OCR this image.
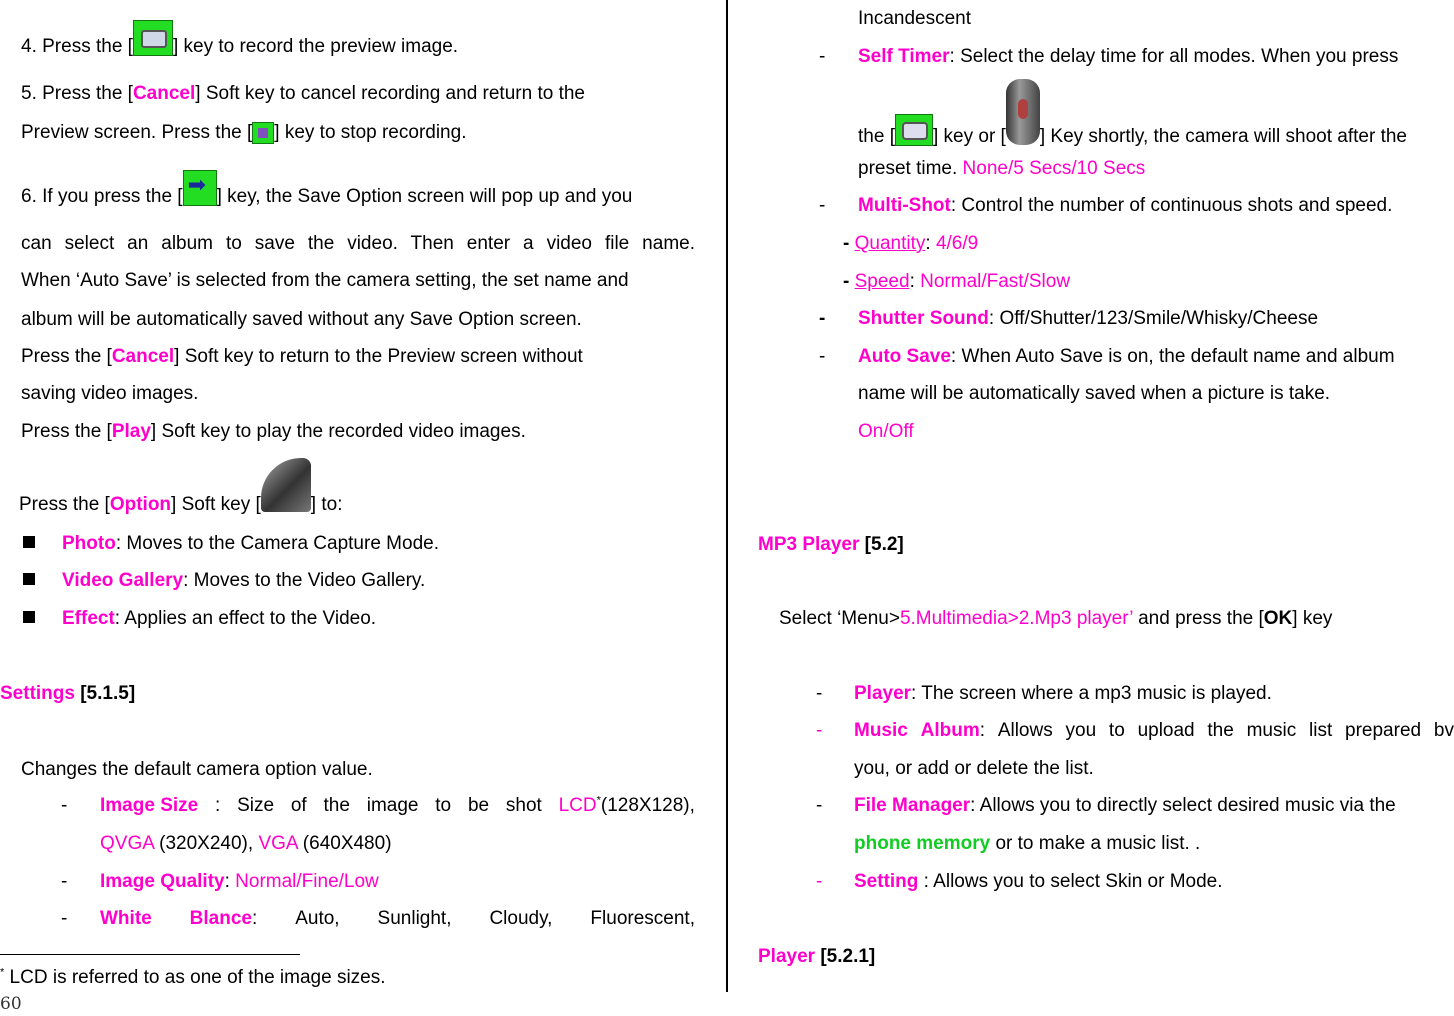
4. Press the [ ] key to record the preview image.
5. Press the [Cancel] Soft key to cancel recording and return to the
Preview screen. Press the [ ] key to stop recording.
6. If you press the [➡ ] key, the Save Option screen will pop up and you
can select an album to save the video. Then enter a video file name.
When ‘Auto Save’ is selected from the camera setting, the set name and
album will be automatically saved without any Save Option screen.
Press the [Cancel] Soft key to return to the Preview screen without
saving video images.
Press the [Play] Soft key to play the recorded video images.
Press the [Option] Soft key [	] to:
Photo: Moves to the Camera Capture Mode.
Video Gallery: Moves to the Video Gallery.
Effect: Applies an effect to the Video.
Settings [5.1.5]
Changes the default camera option value.
- Image Size : Size of the image to be shot LCD*(128X128),
QVGA (320X240), VGA (640X480)
- Image Quality: Normal/Fine/Low
- White Blance: Auto, Sunlight, Cloudy, Fluorescent,
* LCD is referred to as one of the image sizes.
60
Incandescent
- Self Timer: Select the delay time for all modes. When you press
the [ ] key or [ ] Key shortly, the camera will shoot after the
preset time. None/5 Secs/10 Secs
- Multi-Shot: Control the number of continuous shots and speed.
- Quantity: 4/6/9
- Speed: Normal/Fast/Slow
- Shutter Sound: Off/Shutter/123/Smile/Whisky/Cheese
- Auto Save: When Auto Save is on, the default name and album
name will be automatically saved when a picture is take.
On/Off
MP3 Player [5.2]
Select ‘Menu>5.Multimedia>2.Mp3 player’ and press the [OK] key
- Player: The screen where a mp3 music is played.
- Music Album: Allows you to upload the music list prepared bv
you, or add or delete the list.
- File Manager: Allows you to directly select desired music via the
phone memory or to make a music list. .
- Setting : Allows you to select Skin or Mode.
Player [5.2.1]
